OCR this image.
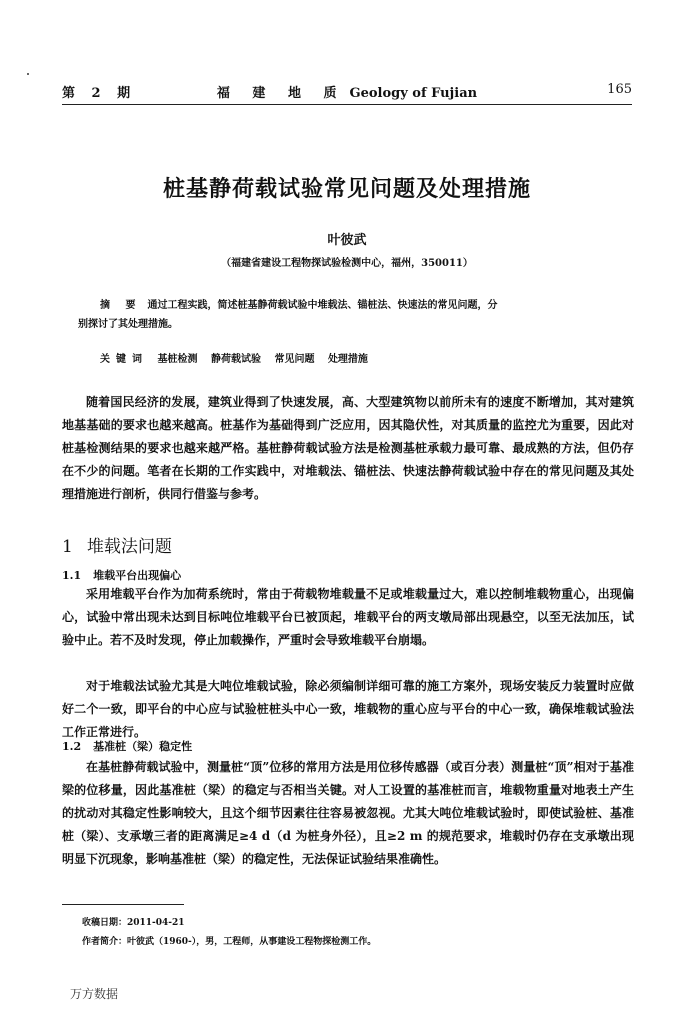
第 2 期	福 建 地 质 Geology of Fujian	165
桩基静荷载试验常见问题及处理措施
叶彼武
（福建省建设工程物探试验检测中心，福州，350011）
摘 要 通过工程实践，简述桩基静荷载试验中堆载法、锚桩法、快速法的常见问题，分
别探讨了其处理措施。
关键词 基桩检测 静荷载试验 常见问题 处理措施

随着国民经济的发展，建筑业得到了快速发展，高、大型建筑物以前所未有的速度不断增加，其对建筑地基基础的要求也越来越高。桩基作为基础得到广泛应用，因其隐伏性，对其质量的监控尤为重要，因此对桩基检测结果的要求也越来越严格。基桩静荷载试验方法是检测基桩承载力最可靠、最成熟的方法，但仍存在不少的问题。笔者在长期的工作实践中，对堆载法、锚桩法、快速法静荷载试验中存在的常见问题及其处理措施进行剖析，供同行借鉴与参考。

1 堆载法问题
1.1 堆载平台出现偏心

采用堆载平台作为加荷系统时，常由于荷载物堆载量不足或堆载量过大，难以控制堆载物重心，出现偏心，试验中常出现未达到目标吨位堆载平台已被顶起，堆载平台的两支墩局部出现悬空，以至无法加压，试验中止。若不及时发现，停止加载操作，严重时会导致堆载平台崩塌。

对于堆载法试验尤其是大吨位堆载试验，除必须编制详细可靠的施工方案外，现场安装反力装置时应做好二个一致，即平台的中心应与试验桩桩头中心一致，堆载物的重心应与平台的中心一致，确保堆载试验法工作正常进行。

1.2 基准桩（梁）稳定性

在基桩静荷载试验中，测量桩“顶”位移的常用方法是用位移传感器（或百分表）测量桩“顶”相对于基准梁的位移量，因此基准桩（梁）的稳定与否相当关键。对人工设置的基准桩而言，堆载物重量对地表土产生的扰动对其稳定性影响较大，且这个细节因素往往容易被忽视。尤其大吨位堆载试验时，即使试验桩、基准桩（梁）、支承墩三者的距离满足≥4 d（d 为桩身外径），且≥2 m 的规范要求，堆载时仍存在支承墩出现明显下沉现象，影响基准桩（梁）的稳定性，无法保证试验结果准确性。

收稿日期：2011-04-21
作者简介：叶彼武（1960-），男，工程师，从事建设工程物探检测工作。
万方数据
